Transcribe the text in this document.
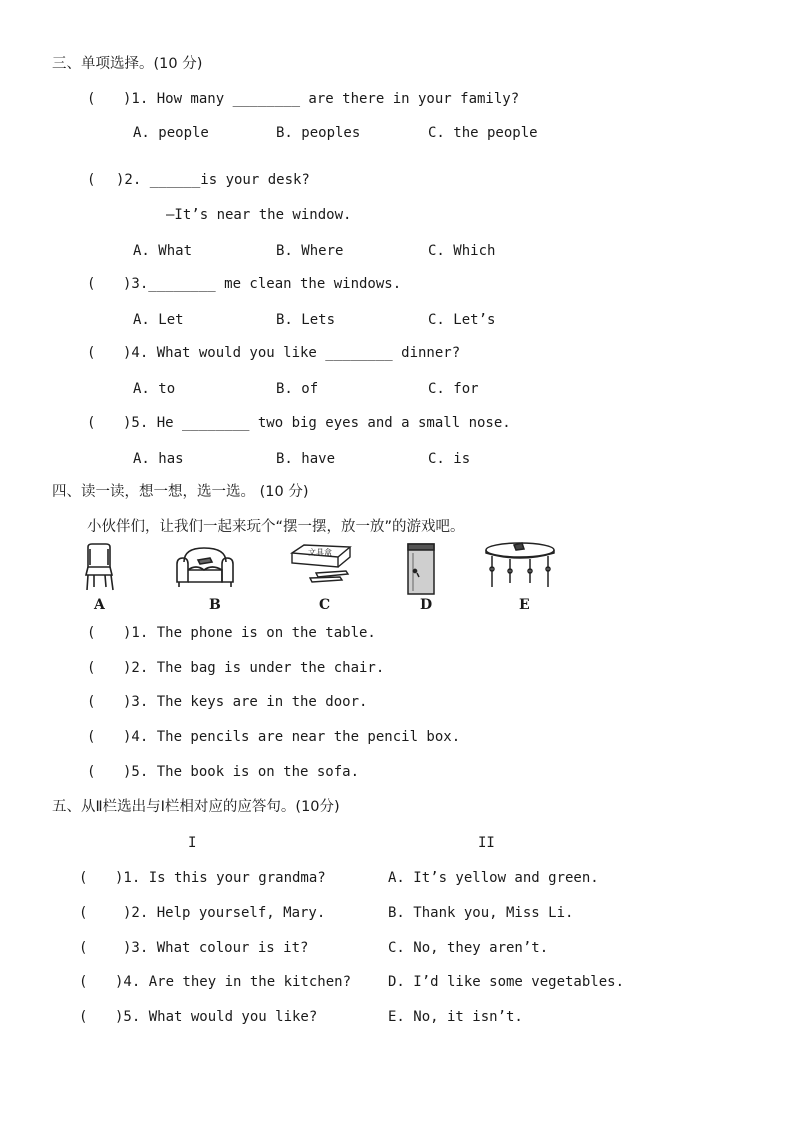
三、单项选择。(10 分)
( )1. How many ________ are there in your family?
A. people	B. peoples	C. the people
( )2. ______is your desk?
—It’s near the window.
A. What	B. Where	C. Which
( )3.________ me clean the windows.
A. Let	B. Lets	C. Let’s
( )4. What would you like ________ dinner?
A. to	B. of	C. for
( )5. He ________ two big eyes and a small nose.
A. has	B. have	C. is
四、读一读，想一想，选一选。 (10 分)
小伙伴们，让我们一起来玩个“摆一摆，放一放”的游戏吧。
A	B
文具盒
C	D	E
( )1. The phone is on the table.
( )2. The bag is under the chair.
( )3. The keys are in the door.
( )4. The pencils are near the pencil box.
( )5. The book is on the sofa.
五、从Ⅱ栏选出与Ⅰ栏相对应的应答句。(10分)
I	II
( )1. Is this your grandma?	A. It’s yellow and green.
(	)2. Help yourself, Mary.	B. Thank you, Miss Li.
(	)3. What colour is it?	C. No, they aren’t.
( )4. Are they in the kitchen?	D. I’d like some vegetables.
( )5. What would you like?	E. No, it isn’t.
